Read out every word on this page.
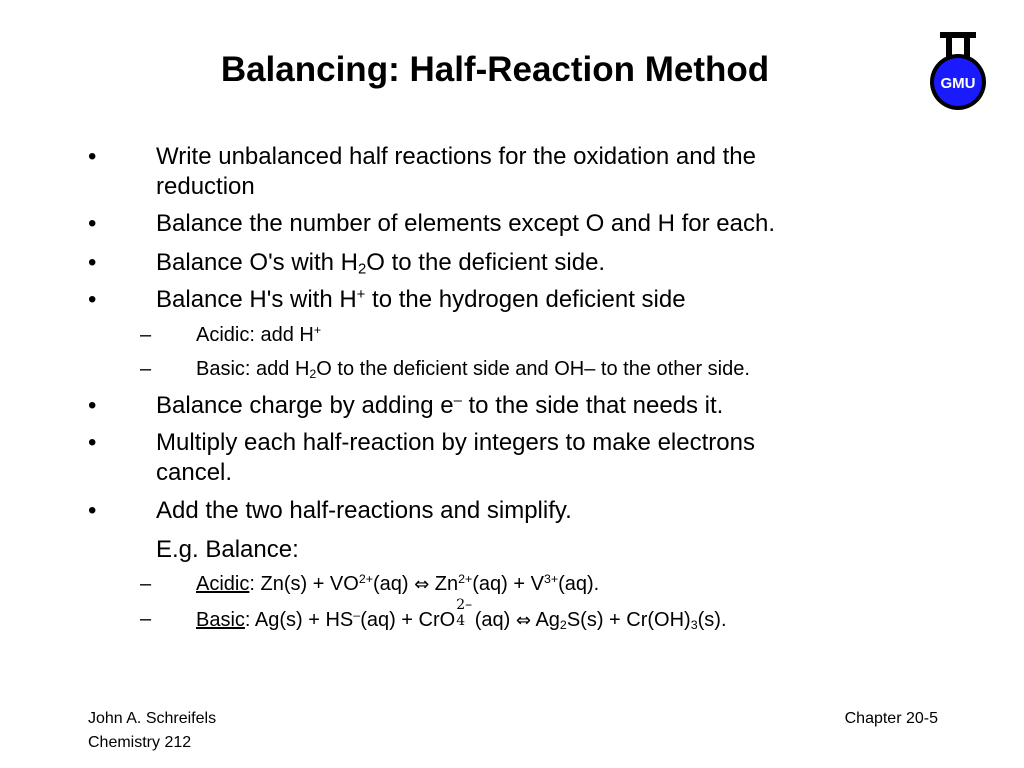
Balancing: Half-Reaction Method	GMU
• Write unbalanced half reactions for the oxidation and the
reduction
• Balance the number of elements except O and H for each.
• Balance O's with $H_2O$ to the deficient side.
• Balance H's with H+ to the hydrogen deficient side
– Acidic: add H+
– Basic: add $H_2O$ to the deficient side and OH– to the other side.
• Balance charge by adding e– to the side that needs it.
• Multiply each half-reaction by integers to make electrons
cancel.
• Add the two half-reactions and simplify.
E.g. Balance:
– Acidic: $Zn(s) + VO^{2+}(aq)$ ⇔ $Zn^{2+}(aq) + V^{3+}(aq)$.
– Basic: Ag(s) + HS–(aq) + CrO
2–
4 (aq) ⇔ $Ag_2S(s) + Cr(OH)_3(s)$.
John A. Schreifels
Chemistry 212
Chapter 20-5
